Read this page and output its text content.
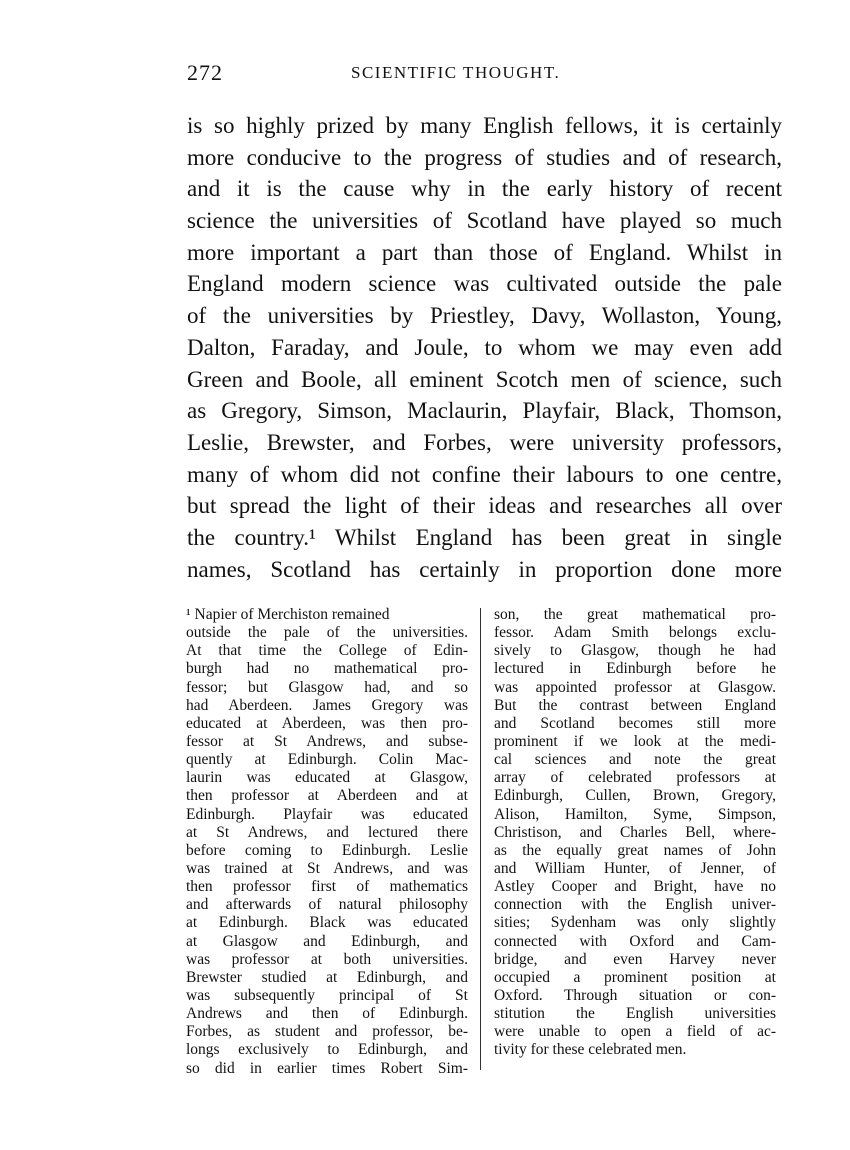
272	SCIENTIFIC THOUGHT.
is so highly prized by many English fellows, it is certainly
more conducive to the progress of studies and of research,
and it is the cause why in the early history of recent
science the universities of Scotland have played so much
more important a part than those of England. Whilst in
England modern science was cultivated outside the pale
of the universities by Priestley, Davy, Wollaston, Young,
Dalton, Faraday, and Joule, to whom we may even add
Green and Boole, all eminent Scotch men of science, such
as Gregory, Simson, Maclaurin, Playfair, Black, Thomson,
Leslie, Brewster, and Forbes, were university professors,
many of whom did not confine their labours to one centre,
but spread the light of their ideas and researches all over
the country.¹ Whilst England has been great in single
names, Scotland has certainly in proportion done more
¹ Napier of Merchiston remained
outside the pale of the universities.
At that time the College of Edin-
burgh had no mathematical pro-
fessor; but Glasgow had, and so
had Aberdeen. James Gregory was
educated at Aberdeen, was then pro-
fessor at St Andrews, and subse-
quently at Edinburgh. Colin Mac-
laurin was educated at Glasgow,
then professor at Aberdeen and at
Edinburgh. Playfair was educated
at St Andrews, and lectured there
before coming to Edinburgh. Leslie
was trained at St Andrews, and was
then professor first of mathematics
and afterwards of natural philosophy
at Edinburgh. Black was educated
at Glasgow and Edinburgh, and
was professor at both universities.
Brewster studied at Edinburgh, and
was subsequently principal of St
Andrews and then of Edinburgh.
Forbes, as student and professor, be-
longs exclusively to Edinburgh, and
so did in earlier times Robert Sim-
son, the great mathematical pro-
fessor. Adam Smith belongs exclu-
sively to Glasgow, though he had
lectured in Edinburgh before he
was appointed professor at Glasgow.
But the contrast between England
and Scotland becomes still more
prominent if we look at the medi-
cal sciences and note the great
array of celebrated professors at
Edinburgh, Cullen, Brown, Gregory,
Alison, Hamilton, Syme, Simpson,
Christison, and Charles Bell, where-
as the equally great names of John
and William Hunter, of Jenner, of
Astley Cooper and Bright, have no
connection with the English univer-
sities; Sydenham was only slightly
connected with Oxford and Cam-
bridge, and even Harvey never
occupied a prominent position at
Oxford. Through situation or con-
stitution the English universities
were unable to open a field of ac-
tivity for these celebrated men.
